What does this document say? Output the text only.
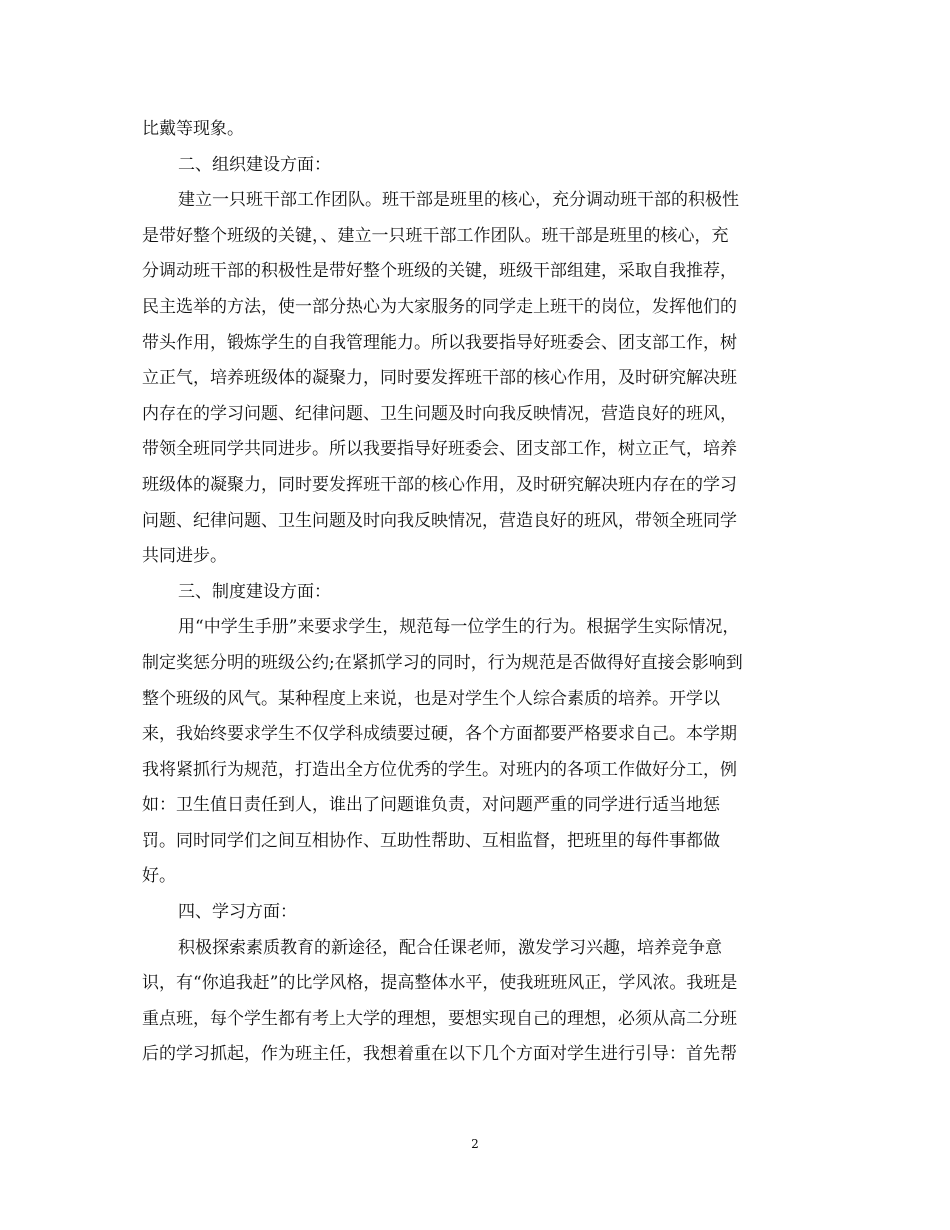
比戴等现象。
二、组织建设方面：
建立一只班干部工作团队。班干部是班里的核心，充分调动班干部的积极性
是带好整个班级的关键，、建立一只班干部工作团队。班干部是班里的核心，充
分调动班干部的积极性是带好整个班级的关键，班级干部组建，采取自我推荐，
民主选举的方法，使一部分热心为大家服务的同学走上班干的岗位，发挥他们的
带头作用，锻炼学生的自我管理能力。所以我要指导好班委会、团支部工作，树
立正气，培养班级体的凝聚力，同时要发挥班干部的核心作用，及时研究解决班
内存在的学习问题、纪律问题、卫生问题及时向我反映情况，营造良好的班风，
带领全班同学共同进步。所以我要指导好班委会、团支部工作，树立正气，培养
班级体的凝聚力，同时要发挥班干部的核心作用，及时研究解决班内存在的学习
问题、纪律问题、卫生问题及时向我反映情况，营造良好的班风，带领全班同学
共同进步。
三、制度建设方面：
用“中学生手册”来要求学生，规范每一位学生的行为。根据学生实际情况，
制定奖惩分明的班级公约;在紧抓学习的同时，行为规范是否做得好直接会影响到
整个班级的风气。某种程度上来说，也是对学生个人综合素质的培养。开学以
来，我始终要求学生不仅学科成绩要过硬，各个方面都要严格要求自己。本学期
我将紧抓行为规范，打造出全方位优秀的学生。对班内的各项工作做好分工，例
如：卫生值日责任到人，谁出了问题谁负责，对问题严重的同学进行适当地惩
罚。同时同学们之间互相协作、互助性帮助、互相监督，把班里的每件事都做
好。
四、学习方面：
积极探索素质教育的新途径，配合任课老师，激发学习兴趣，培养竞争意
识，有“你追我赶”的比学风格，提高整体水平，使我班班风正，学风浓。我班是
重点班，每个学生都有考上大学的理想，要想实现自己的理想，必须从高二分班
后的学习抓起，作为班主任，我想着重在以下几个方面对学生进行引导：首先帮
2
